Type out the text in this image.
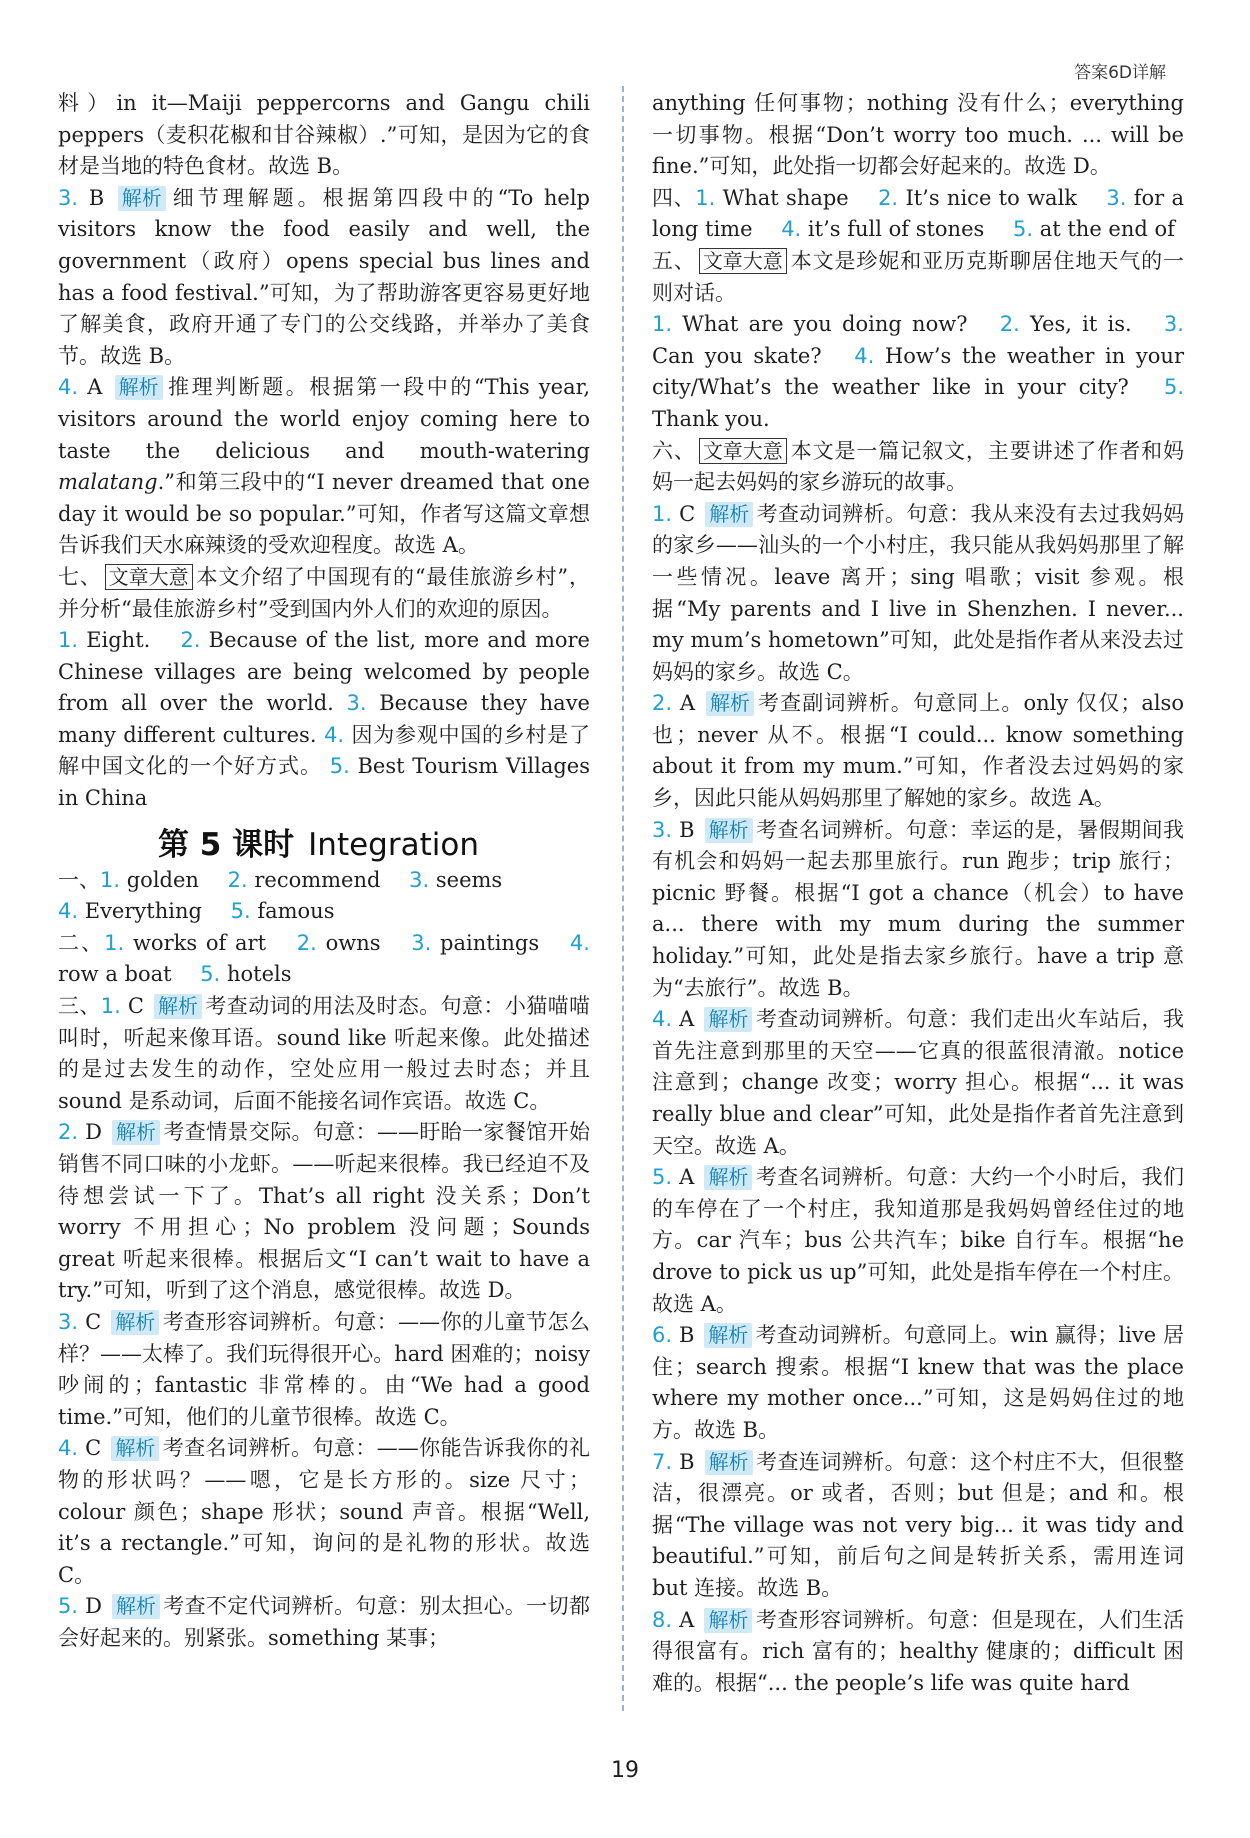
答案6D详解

料）in it—Maiji peppercorns and Gangu chili peppers（麦积花椒和甘谷辣椒）.”可知，是因为它的食材是当地的特色食材。故选 B。

3. B 解析 细节理解题。根据第四段中的“To help visitors know the food easily and well, the government（政府）opens special bus lines and has a food festival.”可知，为了帮助游客更容易更好地了解美食，政府开通了专门的公交线路，并举办了美食节。故选 B。

4. A 解析 推理判断题。根据第一段中的“This year, visitors around the world enjoy coming here to taste the delicious and mouth-watering malatang.”和第三段中的“I never dreamed that one day it would be so popular.”可知，作者写这篇文章想告诉我们天水麻辣烫的受欢迎程度。故选 A。

七、 文章大意 本文介绍了中国现有的“最佳旅游乡村”，并分析“最佳旅游乡村”受到国内外人们的欢迎的原因。

1. Eight. 2. Because of the list, more and more Chinese villages are being welcomed by people from all over the world. 3. Because they have many different cultures. 4. 因为参观中国的乡村是了解中国文化的一个好方式。 5. Best Tourism Villages in China

第 5 课时 Integration

一、1. golden 2. recommend 3. seems
4. Everything 5. famous

二、1. works of art 2. owns 3. paintings 4. row a boat 5. hotels

三、1. C 解析 考查动词的用法及时态。句意：小猫喵喵叫时，听起来像耳语。sound like 听起来像。此处描述的是过去发生的动作，空处应用一般过去时态；并且 sound 是系动词，后面不能接名词作宾语。故选 C。

2. D 解析 考查情景交际。句意：——盱眙一家餐馆开始销售不同口味的小龙虾。——听起来很棒。我已经迫不及待想尝试一下了。That’s all right 没关系；Don’t worry 不用担心；No problem 没问题；Sounds great 听起来很棒。根据后文“I can’t wait to have a try.”可知，听到了这个消息，感觉很棒。故选 D。

3. C 解析 考查形容词辨析。句意：——你的儿童节怎么样？——太棒了。我们玩得很开心。hard 困难的；noisy 吵闹的；fantastic 非常棒的。由“We had a good time.”可知，他们的儿童节很棒。故选 C。

4. C 解析 考查名词辨析。句意：——你能告诉我你的礼物的形状吗？——嗯，它是长方形的。size 尺寸；colour 颜色；shape 形状；sound 声音。根据“Well, it’s a rectangle.”可知，询问的是礼物的形状。故选 C。

5. D 解析 考查不定代词辨析。句意：别太担心。一切都会好起来的。别紧张。something 某事；

anything 任何事物；nothing 没有什么；everything 一切事物。根据“Don’t worry too much. ... will be fine.”可知，此处指一切都会好起来的。故选 D。

四、1. What shape 2. It’s nice to walk 3. for a long time 4. it’s full of stones 5. at the end of

五、 文章大意 本文是珍妮和亚历克斯聊居住地天气的一则对话。

1. What are you doing now? 2. Yes, it is. 3. Can you skate? 4. How’s the weather in your city/What’s the weather like in your city? 5. Thank you.

六、 文章大意 本文是一篇记叙文，主要讲述了作者和妈妈一起去妈妈的家乡游玩的故事。

1. C 解析 考查动词辨析。句意：我从来没有去过我妈妈的家乡——汕头的一个小村庄，我只能从我妈妈那里了解一些情况。leave 离开；sing 唱歌；visit 参观。根据“My parents and I live in Shenzhen. I never... my mum’s hometown”可知，此处是指作者从来没去过妈妈的家乡。故选 C。

2. A 解析 考查副词辨析。句意同上。only 仅仅；also 也；never 从不。根据“I could... know something about it from my mum.”可知，作者没去过妈妈的家乡，因此只能从妈妈那里了解她的家乡。故选 A。

3. B 解析 考查名词辨析。句意：幸运的是，暑假期间我有机会和妈妈一起去那里旅行。run 跑步；trip 旅行；picnic 野餐。根据“I got a chance（机会）to have a... there with my mum during the summer holiday.”可知，此处是指去家乡旅行。have a trip 意为“去旅行”。故选 B。

4. A 解析 考查动词辨析。句意：我们走出火车站后，我首先注意到那里的天空——它真的很蓝很清澈。notice 注意到；change 改变；worry 担心。根据“... it was really blue and clear”可知，此处是指作者首先注意到天空。故选 A。

5. A 解析 考查名词辨析。句意：大约一个小时后，我们的车停在了一个村庄，我知道那是我妈妈曾经住过的地方。car 汽车；bus 公共汽车；bike 自行车。根据“he drove to pick us up”可知，此处是指车停在一个村庄。故选 A。

6. B 解析 考查动词辨析。句意同上。win 赢得；live 居住；search 搜索。根据“I knew that was the place where my mother once...”可知，这是妈妈住过的地方。故选 B。

7. B 解析 考查连词辨析。句意：这个村庄不大，但很整洁，很漂亮。or 或者，否则；but 但是；and 和。根据“The village was not very big... it was tidy and beautiful.”可知，前后句之间是转折关系，需用连词 but 连接。故选 B。

8. A 解析 考查形容词辨析。句意：但是现在，人们生活得很富有。rich 富有的；healthy 健康的；difficult 困难的。根据“... the people’s life was quite hard

19
